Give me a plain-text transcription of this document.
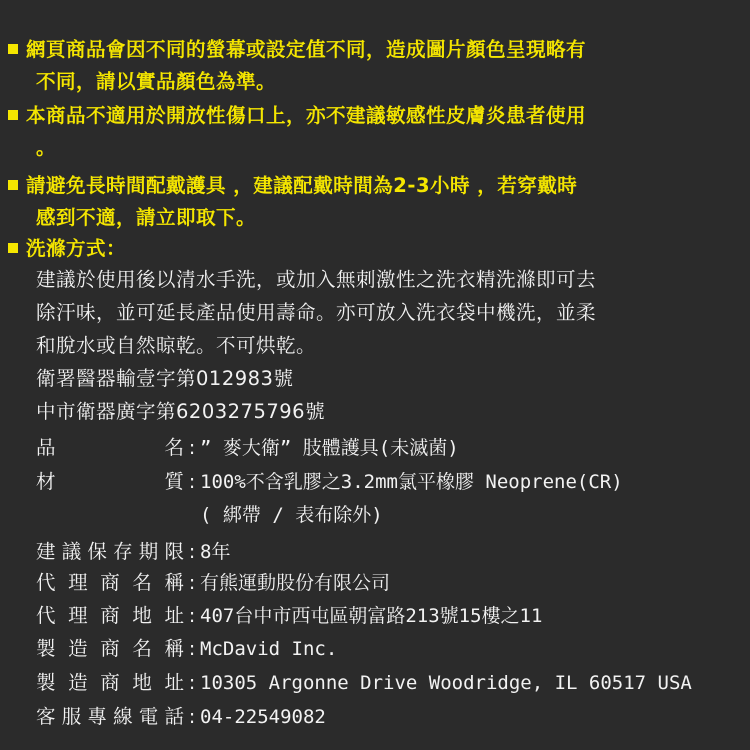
網頁商品會因不同的螢幕或設定值不同，造成圖片顏色呈現略有
不同，請以實品顏色為準。
本商品不適用於開放性傷口上，亦不建議敏感性皮膚炎患者使用
。
請避免長時間配戴護具 ，建議配戴時間為2-3小時 ，若穿戴時
感到不適，請立即取下。
洗滌方式：
建議於使用後以清水手洗，或加入無刺激性之洗衣精洗滌即可去
除汗味，並可延長產品使用壽命。亦可放入洗衣袋中機洗，並柔
和脫水或自然晾乾。不可烘乾。
衛署醫器輸壹字第012983號
中市衛器廣字第6203275796號
品　　　　　名 : ” 麥大衛” 肢體護具(未滅菌)
材　　　　　質 : 100%不含乳膠之3.2mm氯平橡膠 Neoprene(CR)
( 綁帶 / 表布除外)
建議保存期限 : 8年
代理商名稱 : 有熊運動股份有限公司
代理商地址 : 407台中市西屯區朝富路213號15樓之11
製造商名稱 : McDavid Inc.
製造商地址 : 10305 Argonne Drive Woodridge, IL 60517 USA
客服專線電話 : 04-22549082
